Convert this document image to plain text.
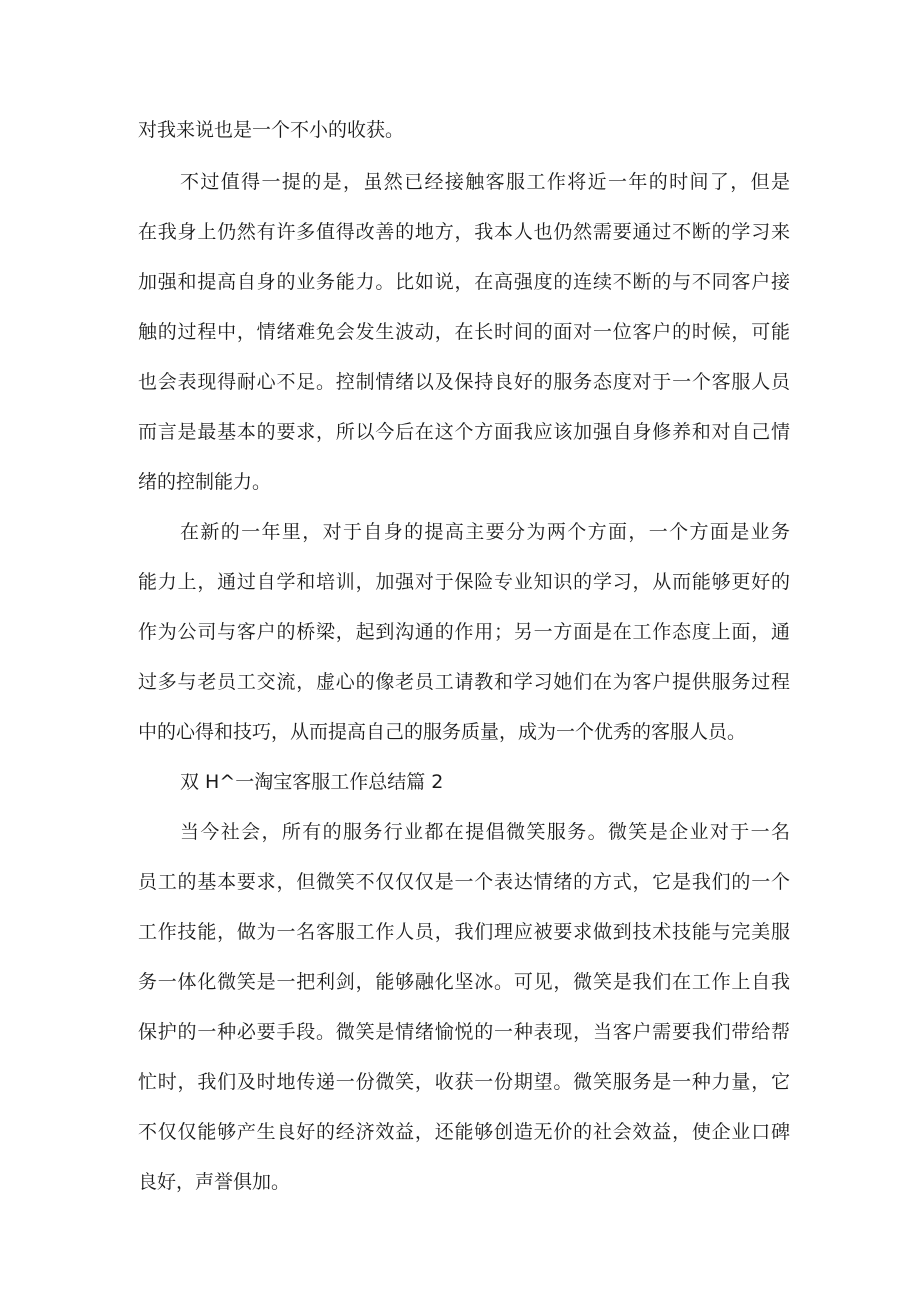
对我来说也是一个不小的收获。
不过值得一提的是，虽然已经接触客服工作将近一年的时间了，但是
在我身上仍然有许多值得改善的地方，我本人也仍然需要通过不断的学习来
加强和提高自身的业务能力。比如说，在高强度的连续不断的与不同客户接
触的过程中，情绪难免会发生波动，在长时间的面对一位客户的时候，可能
也会表现得耐心不足。控制情绪以及保持良好的服务态度对于一个客服人员
而言是最基本的要求，所以今后在这个方面我应该加强自身修养和对自己情
绪的控制能力。
在新的一年里，对于自身的提高主要分为两个方面，一个方面是业务
能力上，通过自学和培训，加强对于保险专业知识的学习，从而能够更好的
作为公司与客户的桥梁，起到沟通的作用；另一方面是在工作态度上面，通
过多与老员工交流，虚心的像老员工请教和学习她们在为客户提供服务过程
中的心得和技巧，从而提高自己的服务质量，成为一个优秀的客服人员。
双 H^一淘宝客服工作总结篇 2
当今社会，所有的服务行业都在提倡微笑服务。微笑是企业对于一名
员工的基本要求，但微笑不仅仅仅是一个表达情绪的方式，它是我们的一个
工作技能，做为一名客服工作人员，我们理应被要求做到技术技能与完美服
务一体化微笑是一把利剑，能够融化坚冰。可见，微笑是我们在工作上自我
保护的一种必要手段。微笑是情绪愉悦的一种表现，当客户需要我们带给帮
忙时，我们及时地传递一份微笑，收获一份期望。微笑服务是一种力量，它
不仅仅能够产生良好的经济效益，还能够创造无价的社会效益，使企业口碑
良好，声誉俱加。
